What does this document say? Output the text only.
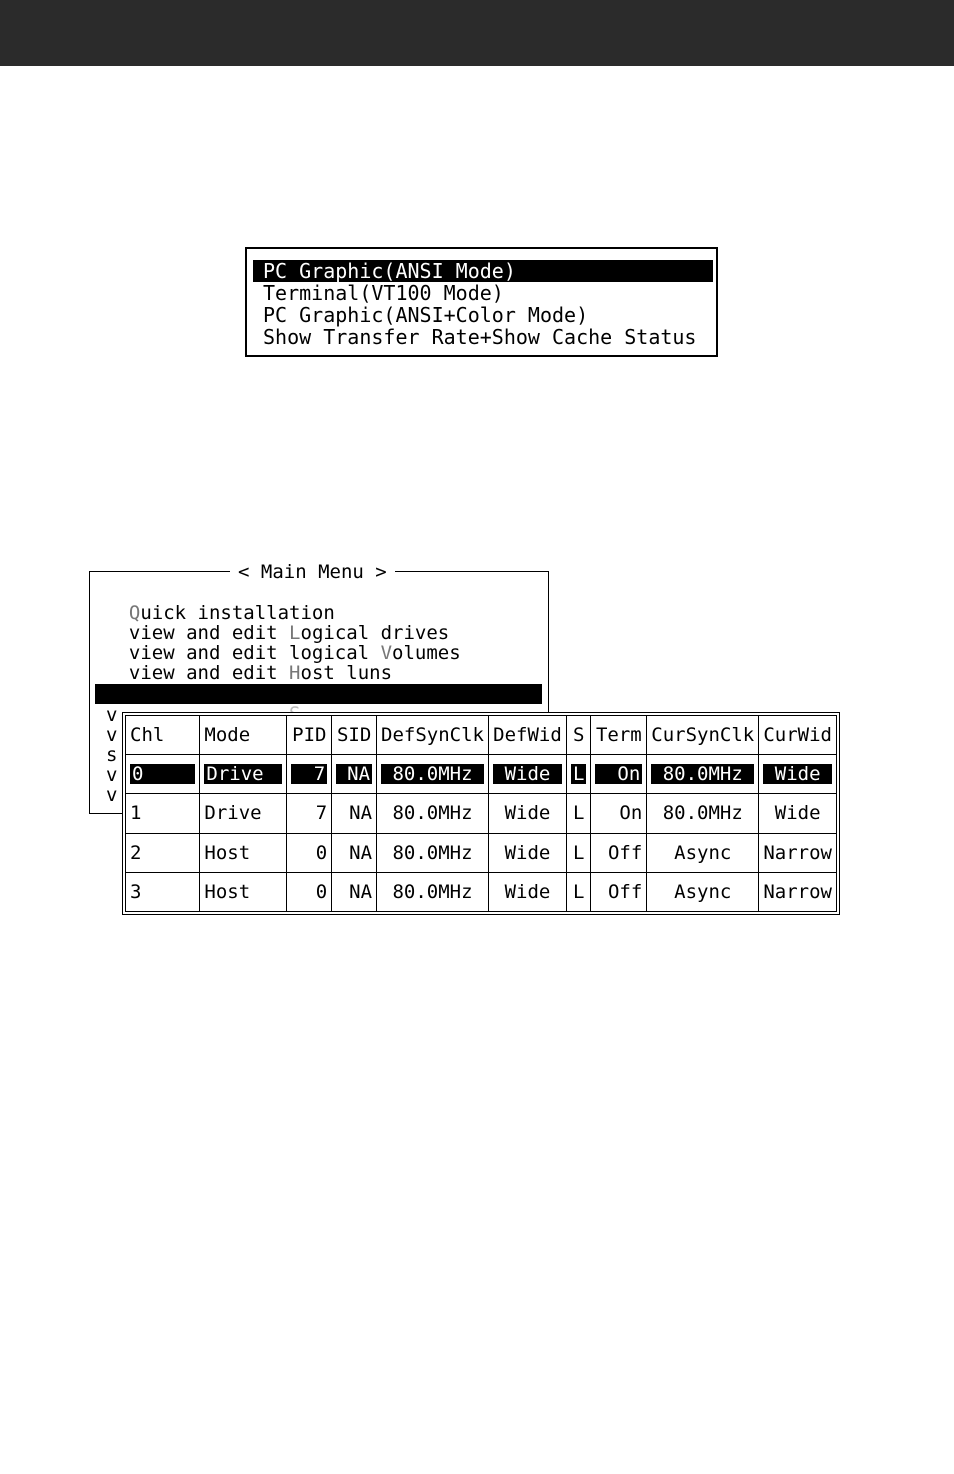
PC Graphic(ANSI Mode)
Terminal(VT100 Mode)
PC Graphic(ANSI+Color Mode)
Show Transfer Rate+Show Cache Status
< Main Menu >

Quick installation

view and edit Logical drives

view and edit logical Volumes

view and edit Host luns

v
v
s
v
v
Chl	Mode	PID	SID	DefSynClk	DefWid	S	Term	CurSynClk	CurWid

0	Drive	7	NA	80.0MHz	Wide	L	On	80.0MHz	Wide

1	Drive	7	NA	80.0MHz	Wide	L	On	80.0MHz	Wide
2	Host	0	NA	80.0MHz	Wide	L	Off	Async	Narrow
3	Host	0	NA	80.0MHz	Wide	L	Off	Async	Narrow
